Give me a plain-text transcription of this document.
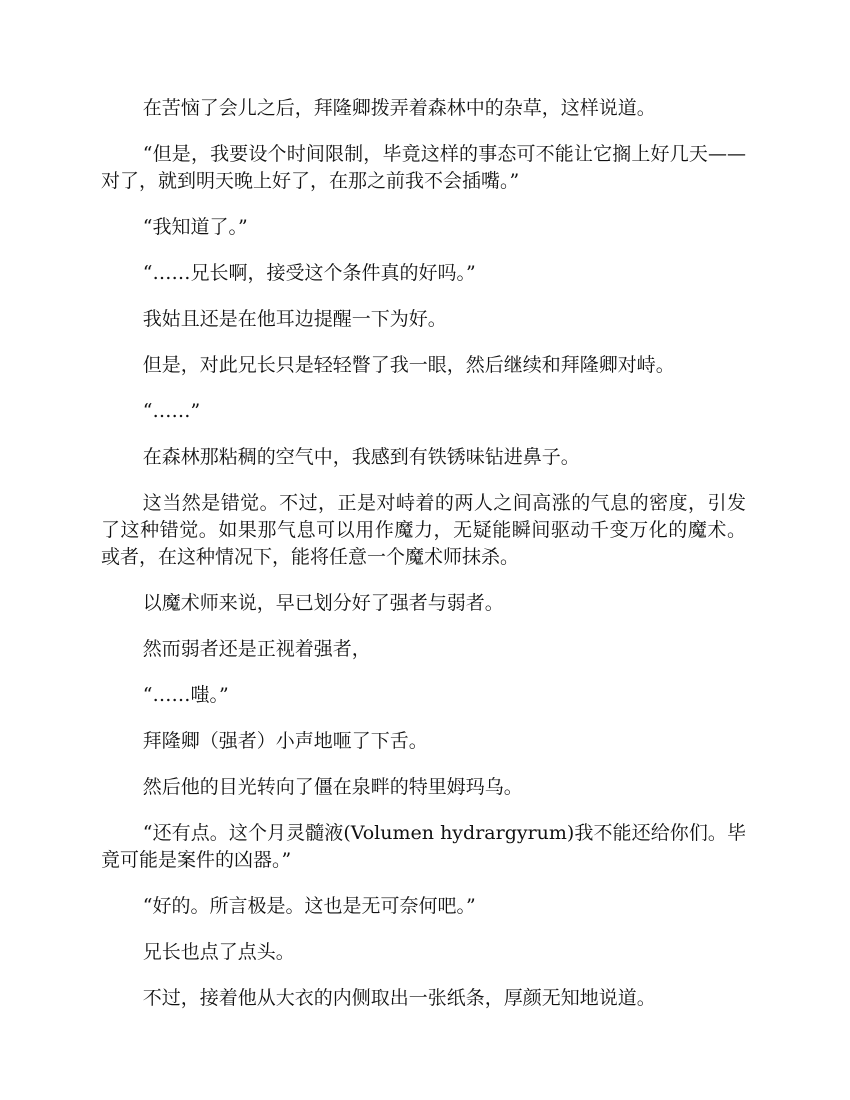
在苦恼了会儿之后，拜隆卿拨弄着森林中的杂草，这样说道。

“但是，我要设个时间限制，毕竟这样的事态可不能让它搁上好几天——对了，就到明天晚上好了，在那之前我不会插嘴。”

“我知道了。”

“……兄长啊，接受这个条件真的好吗。”

我姑且还是在他耳边提醒一下为好。

但是，对此兄长只是轻轻瞥了我一眼，然后继续和拜隆卿对峙。

“……”

在森林那粘稠的空气中，我感到有铁锈味钻进鼻子。

这当然是错觉。不过，正是对峙着的两人之间高涨的气息的密度，引发了这种错觉。如果那气息可以用作魔力，无疑能瞬间驱动千变万化的魔术。或者，在这种情况下，能将任意一个魔术师抹杀。

以魔术师来说，早已划分好了强者与弱者。

然而弱者还是正视着强者，

“……嗤。”

拜隆卿（强者）小声地咂了下舌。

然后他的目光转向了僵在泉畔的特里姆玛乌。

“还有点。这个月灵髓液(Volumen hydrargyrum)我不能还给你们。毕竟可能是案件的凶器。”

“好的。所言极是。这也是无可奈何吧。”

兄长也点了点头。

不过，接着他从大衣的内侧取出一张纸条，厚颜无知地说道。
